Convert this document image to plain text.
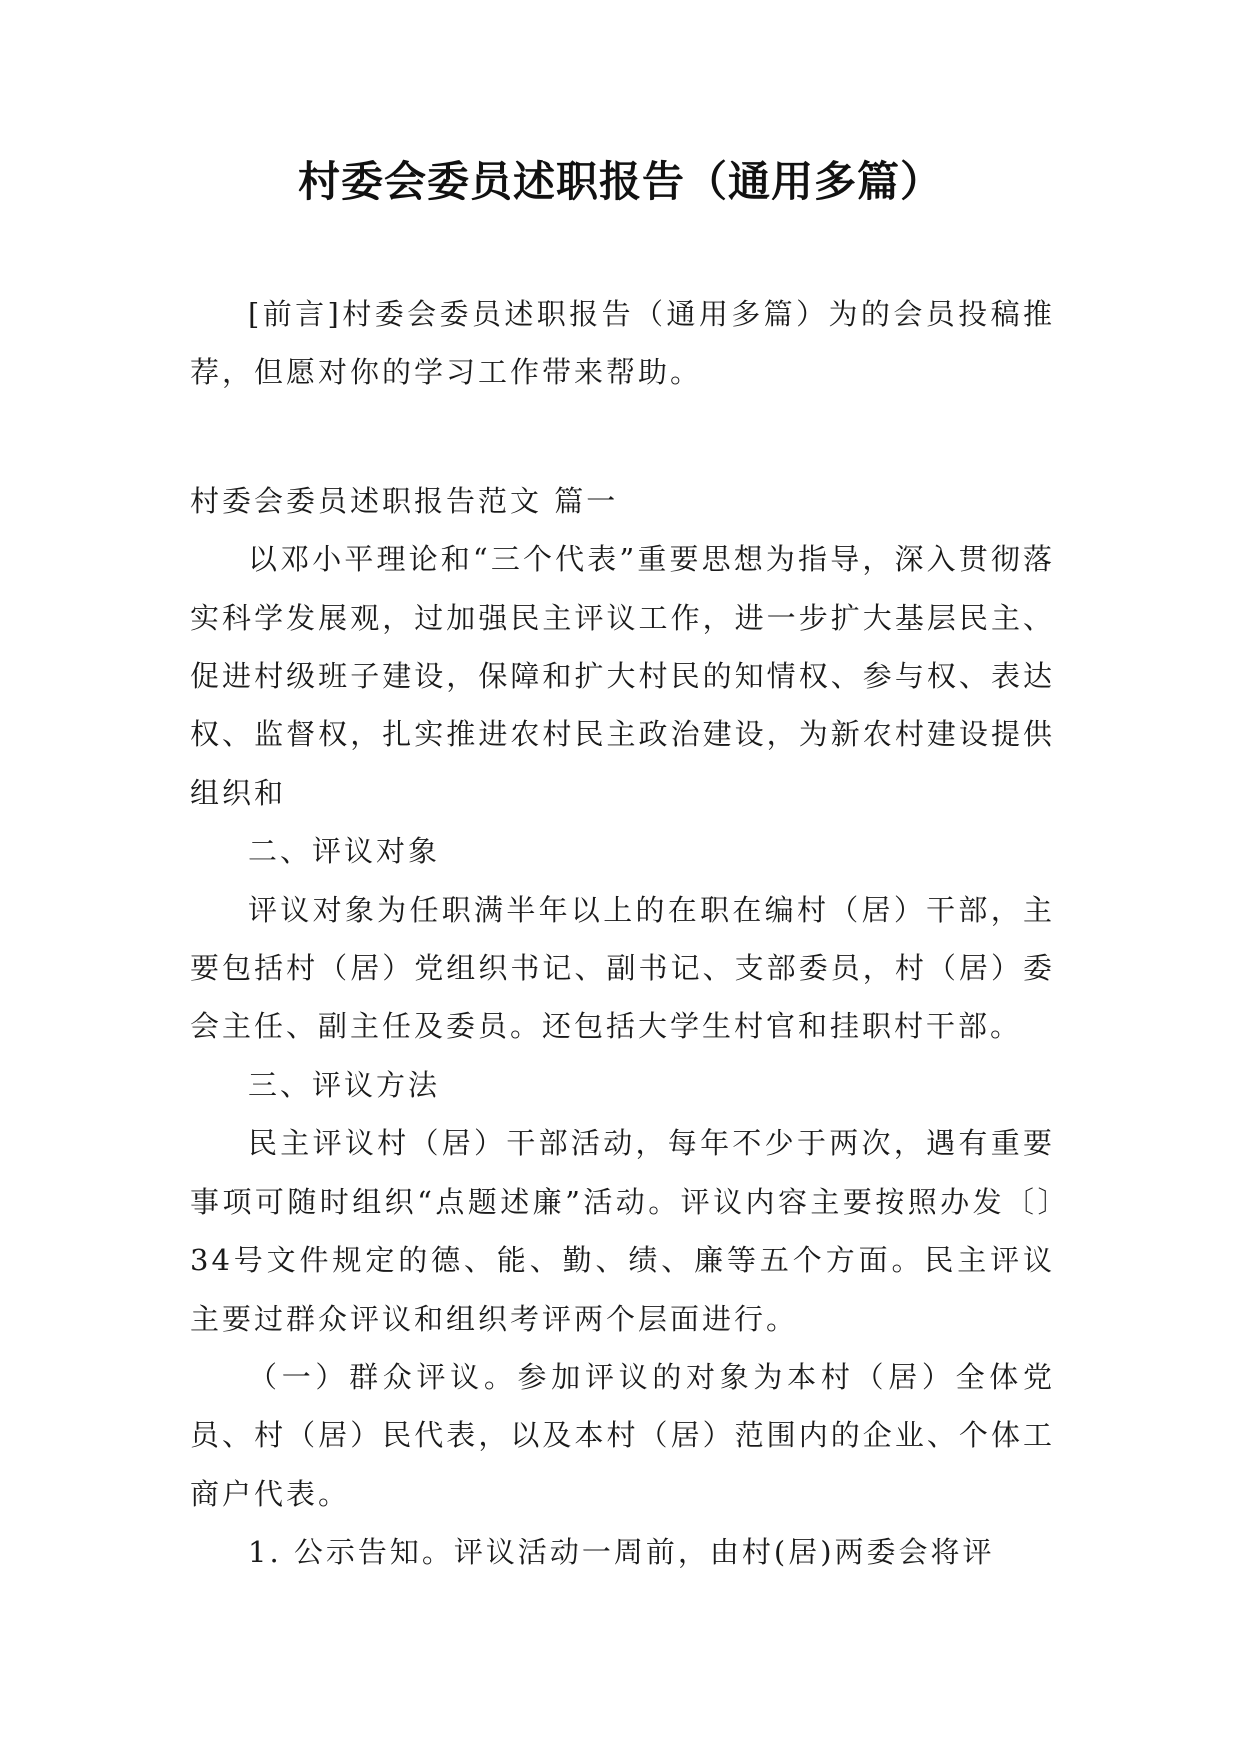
村委会委员述职报告（通用多篇）

[前言]村委会委员述职报告（通用多篇）为的会员投稿推荐，但愿对你的学习工作带来帮助。

村委会委员述职报告范文 篇一

以邓小平理论和“三个代表”重要思想为指导，深入贯彻落实科学发展观，过加强民主评议工作，进一步扩大基层民主、促进村级班子建设，保障和扩大村民的知情权、参与权、表达权、监督权，扎实推进农村民主政治建设，为新农村建设提供组织和

二、评议对象

评议对象为任职满半年以上的在职在编村（居）干部，主要包括村（居）党组织书记、副书记、支部委员，村（居）委会主任、副主任及委员。还包括大学生村官和挂职村干部。

三、评议方法

民主评议村（居）干部活动，每年不少于两次，遇有重要事项可随时组织“点题述廉”活动。评议内容主要按照办发〔〕34号文件规定的德、能、勤、绩、廉等五个方面。民主评议主要过群众评议和组织考评两个层面进行。

（一）群众评议。参加评议的对象为本村（居）全体党员、村（居）民代表，以及本村（居）范围内的企业、个体工商户代表。

1. 公示告知。评议活动一周前，由村(居)两委会将评
